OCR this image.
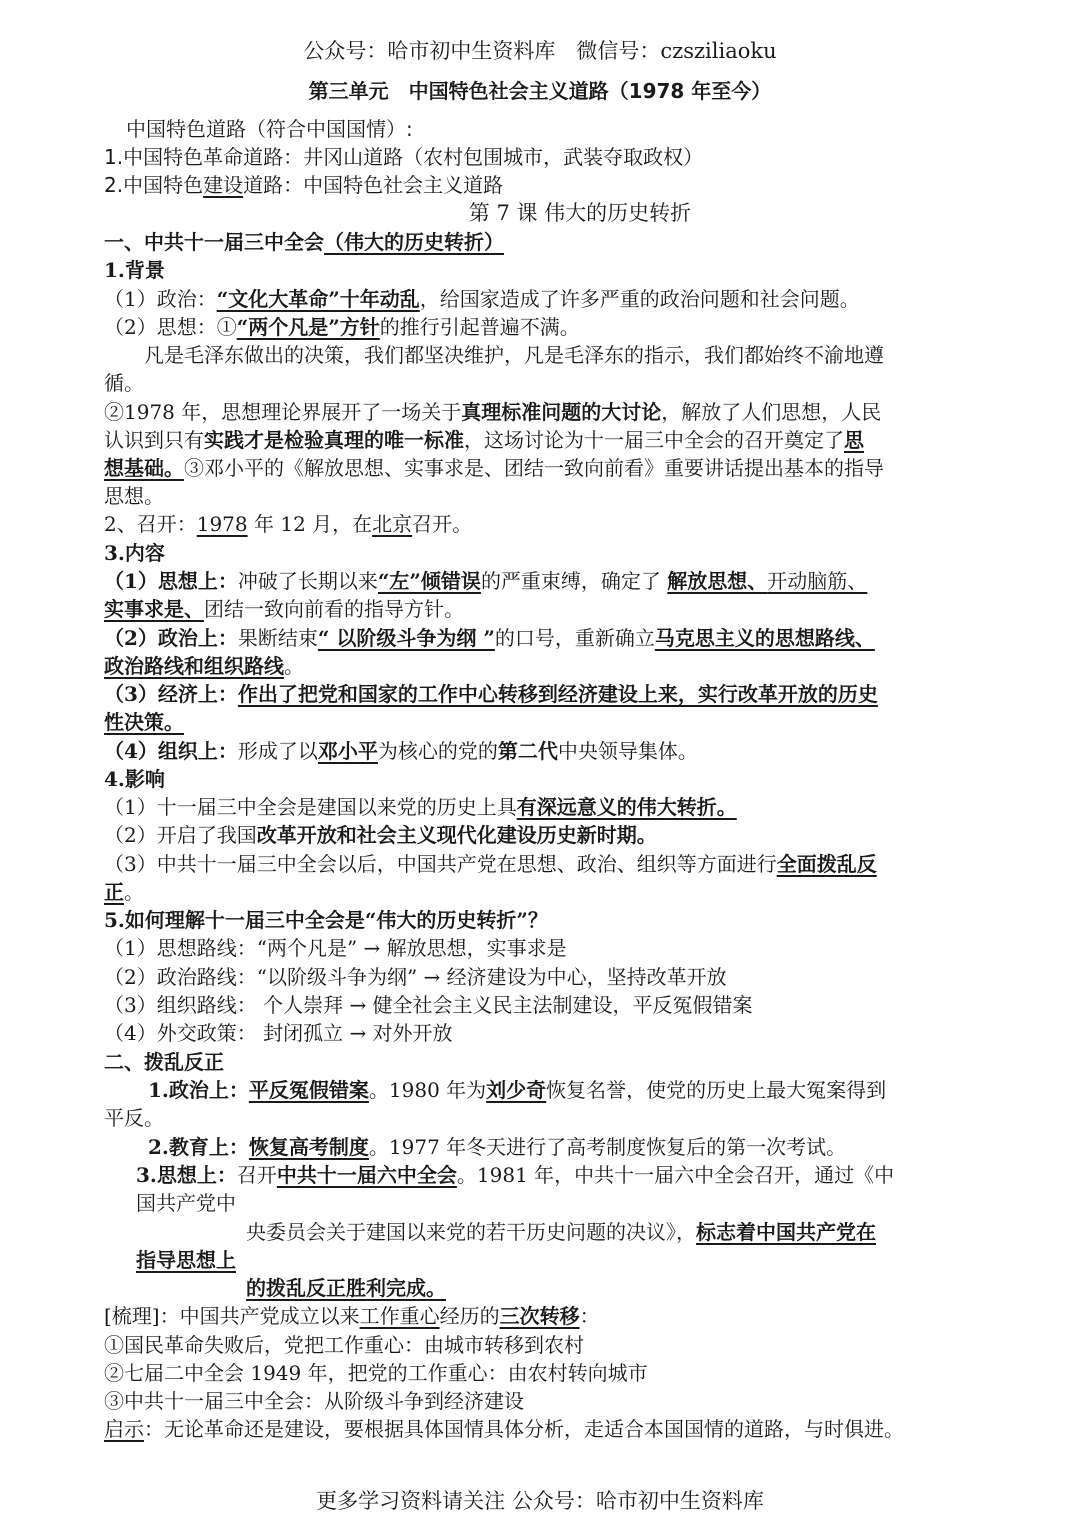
公众号：哈市初中生资料库　微信号：czsziliaoku
第三单元　中国特色社会主义道路（1978 年至今）
中国特色道路（符合中国国情）:
1.中国特色革命道路：井冈山道路（农村包围城市，武装夺取政权）
2.中国特色建设道路：中国特色社会主义道路
第 7 课 伟大的历史转折
一、中共十一届三中全会（伟大的历史转折）
1.背景
（1）政治：“文化大革命”十年动乱，给国家造成了许多严重的政治问题和社会问题。
（2）思想：①“两个凡是”方针的推行引起普遍不满。
凡是毛泽东做出的决策，我们都坚决维护，凡是毛泽东的指示，我们都始终不渝地遵
循。
②1978 年，思想理论界展开了一场关于真理标准问题的大讨论，解放了人们思想，人民
认识到只有实践才是检验真理的唯一标准，这场讨论为十一届三中全会的召开奠定了思
想基础。③邓小平的《解放思想、实事求是、团结一致向前看》重要讲话提出基本的指导
思想。
2、召开：1978 年 12 月，在北京召开。
3.内容
（1）思想上：冲破了长期以来“左”倾错误的严重束缚，确定了 解放思想、开动脑筋、
实事求是、团结一致向前看的指导方针。
（2）政治上：果断结束“ 以阶级斗争为纲 ”的口号，重新确立马克思主义的思想路线、
政治路线和组织路线。
（3）经济上：作出了把党和国家的工作中心转移到经济建设上来，实行改革开放的历史
性决策。
（4）组织上：形成了以邓小平为核心的党的第二代中央领导集体。
4.影响
（1）十一届三中全会是建国以来党的历史上具有深远意义的伟大转折。
（2）开启了我国改革开放和社会主义现代化建设历史新时期。
（3）中共十一届三中全会以后，中国共产党在思想、政治、组织等方面进行全面拨乱反
正。
5.如何理解十一届三中全会是“伟大的历史转折”？
（1）思想路线：“两个凡是” → 解放思想，实事求是
（2）政治路线：“以阶级斗争为纲” → 经济建设为中心，坚持改革开放
（3）组织路线： 个人崇拜 → 健全社会主义民主法制建设，平反冤假错案
（4）外交政策： 封闭孤立 → 对外开放
二、拨乱反正
1.政治上：平反冤假错案。1980 年为刘少奇恢复名誉，使党的历史上最大冤案得到
平反。
2.教育上：恢复高考制度。1977 年冬天进行了高考制度恢复后的第一次考试。
3.思想上：召开中共十一届六中全会。1981 年，中共十一届六中全会召开，通过《中
国共产党中
央委员会关于建国以来党的若干历史问题的决议》，标志着中国共产党在
指导思想上
的拨乱反正胜利完成。
[梳理]：中国共产党成立以来工作重心经历的三次转移：
①国民革命失败后，党把工作重心：由城市转移到农村
②七届二中全会 1949 年，把党的工作重心：由农村转向城市
③中共十一届三中全会：从阶级斗争到经济建设
启示：无论革命还是建设，要根据具体国情具体分析，走适合本国国情的道路，与时俱进。
更多学习资料请关注 公众号：哈市初中生资料库
